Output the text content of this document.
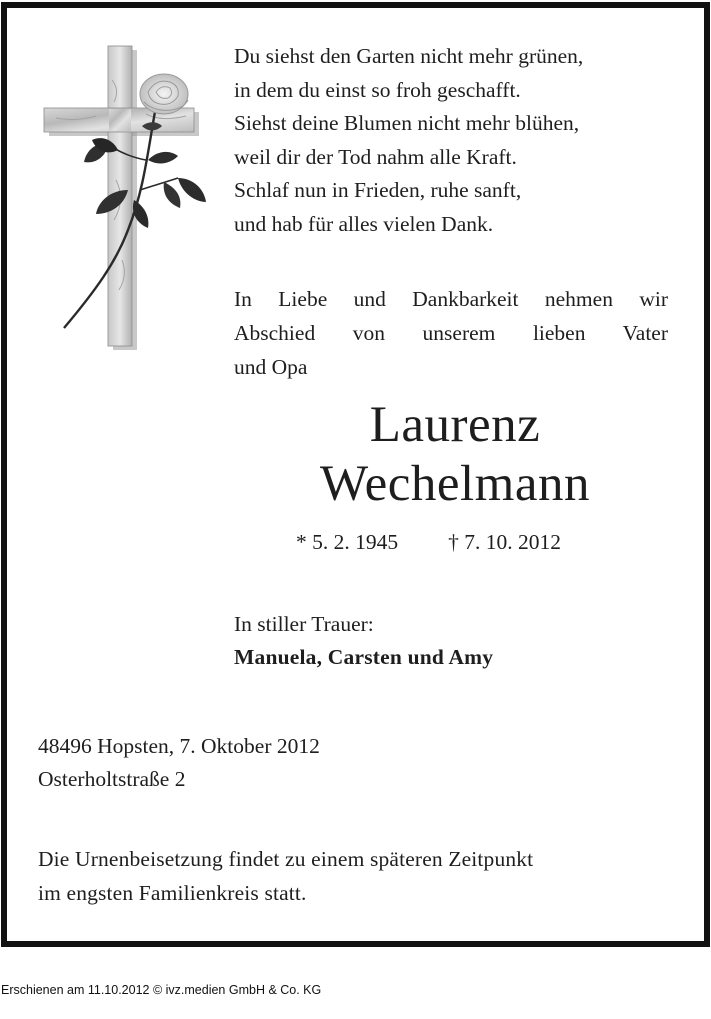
Du siehst den Garten nicht mehr grünen,
in dem du einst so froh geschafft.
Siehst deine Blumen nicht mehr blühen,
weil dir der Tod nahm alle Kraft.
Schlaf nun in Frieden, ruhe sanft,
und hab für alles vielen Dank.
In Liebe und Dankbarkeit nehmen wir
Abschied von unserem lieben Vater
und Opa
Laurenz
Wechelmann
* 5. 2. 1945 † 7. 10. 2012
In stiller Trauer:
Manuela, Carsten und Amy
48496 Hopsten, 7. Oktober 2012
Osterholtstraße 2
Die Urnenbeisetzung findet zu einem späteren Zeitpunkt
im engsten Familienkreis statt.
Erschienen am 11.10.2012 © ivz.medien GmbH & Co. KG
